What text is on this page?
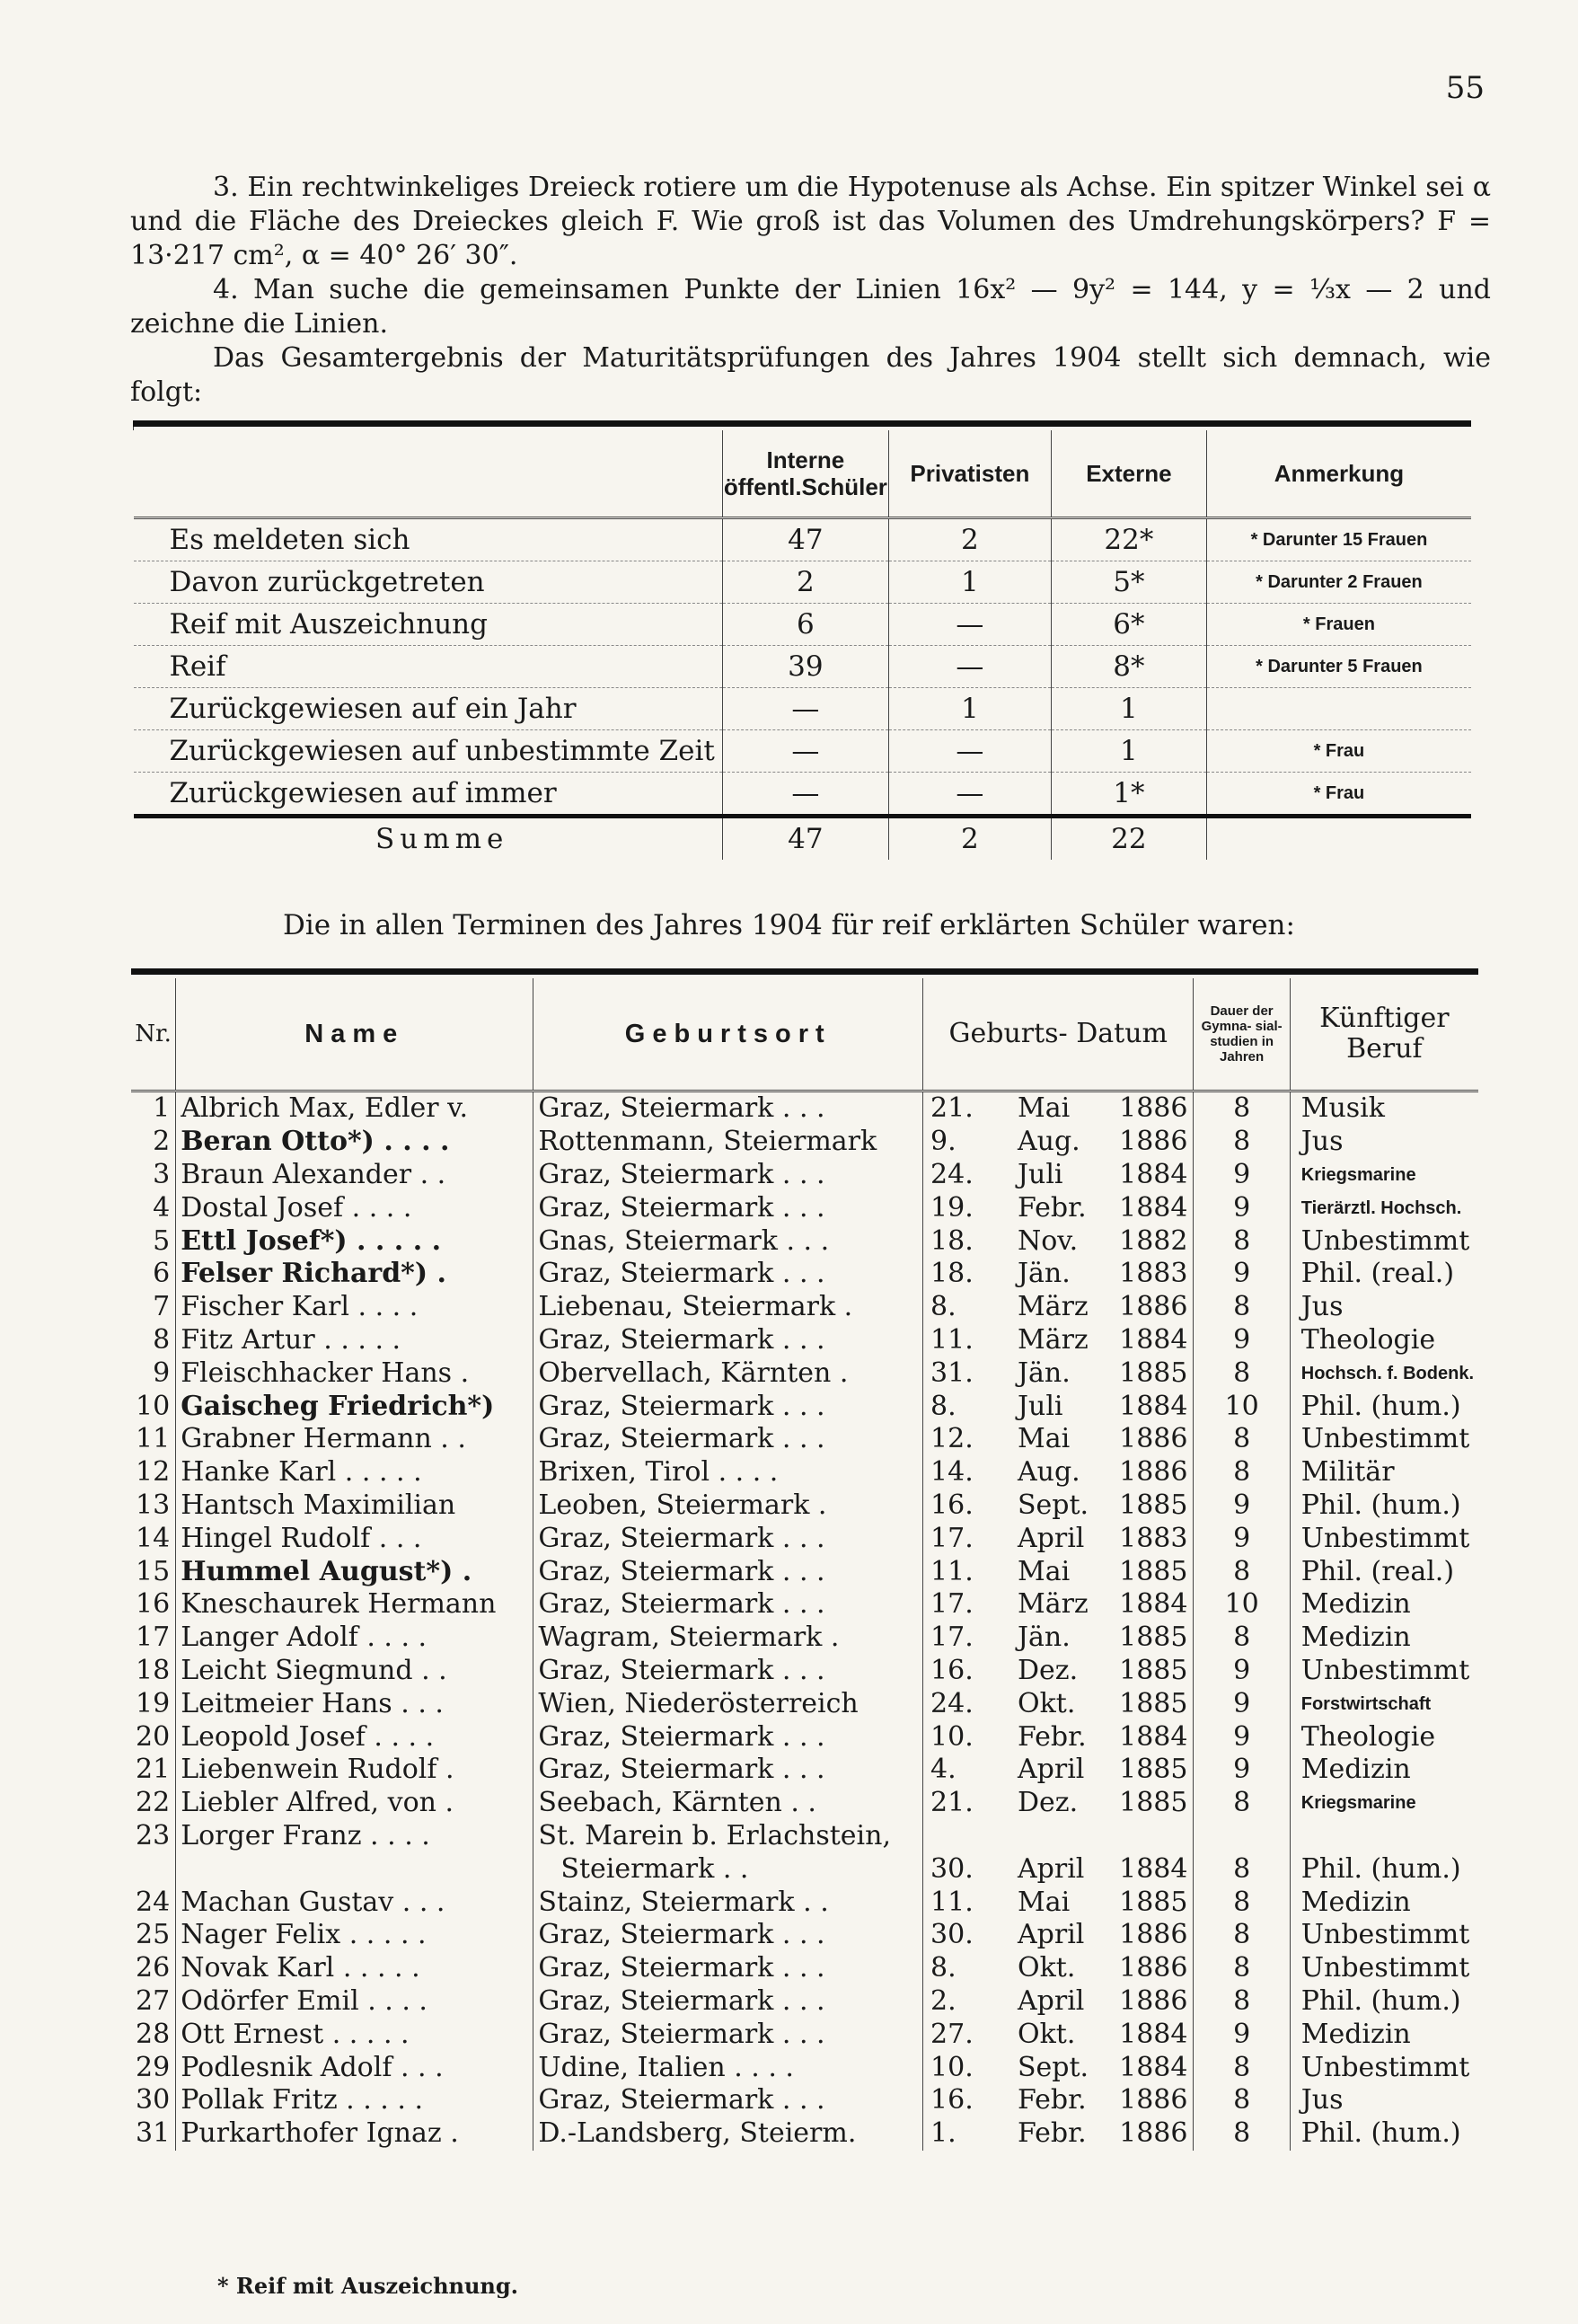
55
3. Ein rechtwinkeliges Dreieck rotiere um die Hypotenuse als Achse. Ein spitzer Winkel sei α und die Fläche des Dreieckes gleich F. Wie groß ist das Volumen des Umdrehungskörpers? F = 13·217 cm², α = 40° 26′ 30″.
4. Man suche die gemeinsamen Punkte der Linien 16x² — 9y² = 144, y = ⅓x — 2 und zeichne die Linien.
Das Gesamtergebnis der Maturitätsprüfungen des Jahres 1904 stellt sich demnach, wie folgt:

	Interne öffentl.Schüler	Privatisten	Externe	Anmerkung
Es meldeten sich	47	2	22*	* Darunter 15 Frauen
Davon zurückgetreten	2	1	5*	* Darunter 2 Frauen
Reif mit Auszeichnung	6	—	6*	* Frauen
Reif	39	—	8*	* Darunter 5 Frauen
Zurückgewiesen auf ein Jahr	—	1	1	
Zurückgewiesen auf unbestimmte Zeit	—	—	1	* Frau
Zurückgewiesen auf immer	—	—	1*	* Frau
Summe	47	2	22	
Die in allen Terminen des Jahres 1904 für reif erklärten Schüler waren:

Nr.	Name	Geburtsort	Geburts- Datum			Dauer der Gymna- sial- studien in Jahren	Künftiger Beruf
1	Albrich Max, Edler v.	Graz, Steiermark . . .	21.	Mai	1886	8	Musik
2	Beran Otto*) . . . .	Rottenmann, Steiermark	9.	Aug.	1886	8	Jus
3	Braun Alexander . .	Graz, Steiermark . . .	24.	Juli	1884	9	Kriegsmarine
4	Dostal Josef . . . .	Graz, Steiermark . . .	19.	Febr.	1884	9	Tierärztl. Hochsch.
5	Ettl Josef*) . . . . .	Gnas, Steiermark . . .	18.	Nov.	1882	8	Unbestimmt
6	Felser Richard*) .	Graz, Steiermark . . .	18.	Jän.	1883	9	Phil. (real.)
7	Fischer Karl . . . .	Liebenau, Steiermark .	8.	März	1886	8	Jus
8	Fitz Artur . . . . .	Graz, Steiermark . . .	11.	März	1884	9	Theologie
9	Fleischhacker Hans .	Obervellach, Kärnten .	31.	Jän.	1885	8	Hochsch. f. Bodenk.
10	Gaischeg Friedrich*)	Graz, Steiermark . . .	8.	Juli	1884	10	Phil. (hum.)
11	Grabner Hermann . .	Graz, Steiermark . . .	12.	Mai	1886	8	Unbestimmt
12	Hanke Karl . . . . .	Brixen, Tirol . . . .	14.	Aug.	1886	8	Militär
13	Hantsch Maximilian	Leoben, Steiermark .	16.	Sept.	1885	9	Phil. (hum.)
14	Hingel Rudolf . . .	Graz, Steiermark . . .	17.	April	1883	9	Unbestimmt
15	Hummel August*) .	Graz, Steiermark . . .	11.	Mai	1885	8	Phil. (real.)
16	Kneschaurek Hermann	Graz, Steiermark . . .	17.	März	1884	10	Medizin
17	Langer Adolf . . . .	Wagram, Steiermark .	17.	Jän.	1885	8	Medizin
18	Leicht Siegmund . .	Graz, Steiermark . . .	16.	Dez.	1885	9	Unbestimmt
19	Leitmeier Hans . . .	Wien, Niederösterreich	24.	Okt.	1885	9	Forstwirtschaft
20	Leopold Josef . . . .	Graz, Steiermark . . .	10.	Febr.	1884	9	Theologie
21	Liebenwein Rudolf .	Graz, Steiermark . . .	4.	April	1885	9	Medizin
22	Liebler Alfred, von .	Seebach, Kärnten . .	21.	Dez.	1885	8	Kriegsmarine
23	Lorger Franz . . . .	St. Marein b. Erlachstein,					
		Steiermark . .	30.	April	1884	8	Phil. (hum.)
24	Machan Gustav . . .	Stainz, Steiermark . .	11.	Mai	1885	8	Medizin
25	Nager Felix . . . . .	Graz, Steiermark . . .	30.	April	1886	8	Unbestimmt
26	Novak Karl . . . . .	Graz, Steiermark . . .	8.	Okt.	1886	8	Unbestimmt
27	Odörfer Emil . . . .	Graz, Steiermark . . .	2.	April	1886	8	Phil. (hum.)
28	Ott Ernest . . . . .	Graz, Steiermark . . .	27.	Okt.	1884	9	Medizin
29	Podlesnik Adolf . . .	Udine, Italien . . . .	10.	Sept.	1884	8	Unbestimmt
30	Pollak Fritz . . . . .	Graz, Steiermark . . .	16.	Febr.	1886	8	Jus
31	Purkarthofer Ignaz .	D.-Landsberg, Steierm.	1.	Febr.	1886	8	Phil. (hum.)
* Reif mit Auszeichnung.
